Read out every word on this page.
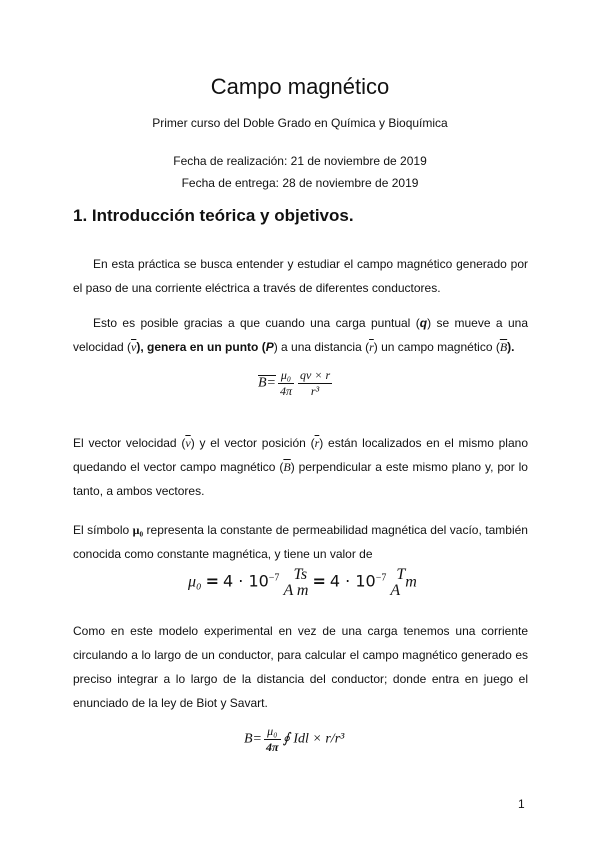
Campo magnético
Primer curso del Doble Grado en Química y Bioquímica
Fecha de realización: 21 de noviembre de 2019
Fecha de entrega: 28 de noviembre de 2019
1. Introducción teórica y objetivos.
En esta práctica se busca entender y estudiar el campo magnético generado por el paso de una corriente eléctrica a través de diferentes conductores.
Esto es posible gracias a que cuando una carga puntual (q) se mueve a una velocidad $(\overline{v})$, genera en un punto (P) a una distancia $(\overline{r})$ un campo magnético $(\overline{B})$.
$B= \frac{\text{μ₀}}{4\pi} \frac{qv \times r}{\text{r³}}$
El vector velocidad $(\overline{v})$ y el vector posición $(\overline{r})$ están localizados en el mismo plano quedando el vector campo magnético $(\overline{B})$ perpendicular a este mismo plano y, por lo tanto, a ambos vectores.
El símbolo μ₀ representa la constante de permeabilidad magnética del vacío, también conocida como constante magnética, y tiene un valor de
$\mu_0 = 4 \cdot 10^{-7}$ Ts
A $m = 4 \cdot 10^{-7}$ T
A m
Como en este modelo experimental en vez de una carga tenemos una corriente circulando a lo largo de un conductor, para calcular el campo magnético generado es preciso integrar a lo largo de la distancia del conductor; donde entra en juego el enunciado de la ley de Biot y Savart.
$B= \frac{\text{μ₀}}{4\pi}$ ∮ Idl × r/r³
1
